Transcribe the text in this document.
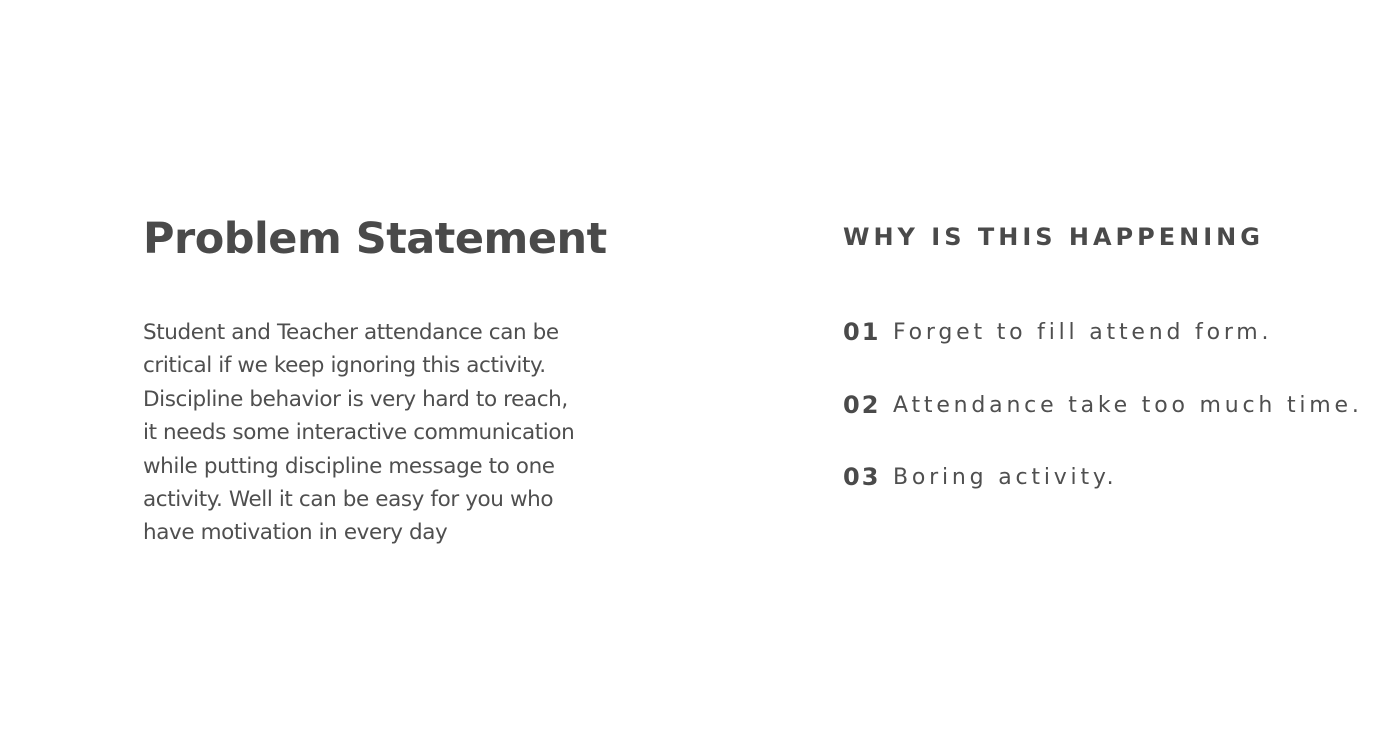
Problem Statement

Student and Teacher attendance can be critical if we keep ignoring this activity. Discipline behavior is very hard to reach, it needs some interactive communication while putting discipline message to one activity. Well it can be easy for you who have motivation in every day

WHY IS THIS HAPPENING
01 Forget to fill attend form.
02 Attendance take too much time.
03 Boring activity.
